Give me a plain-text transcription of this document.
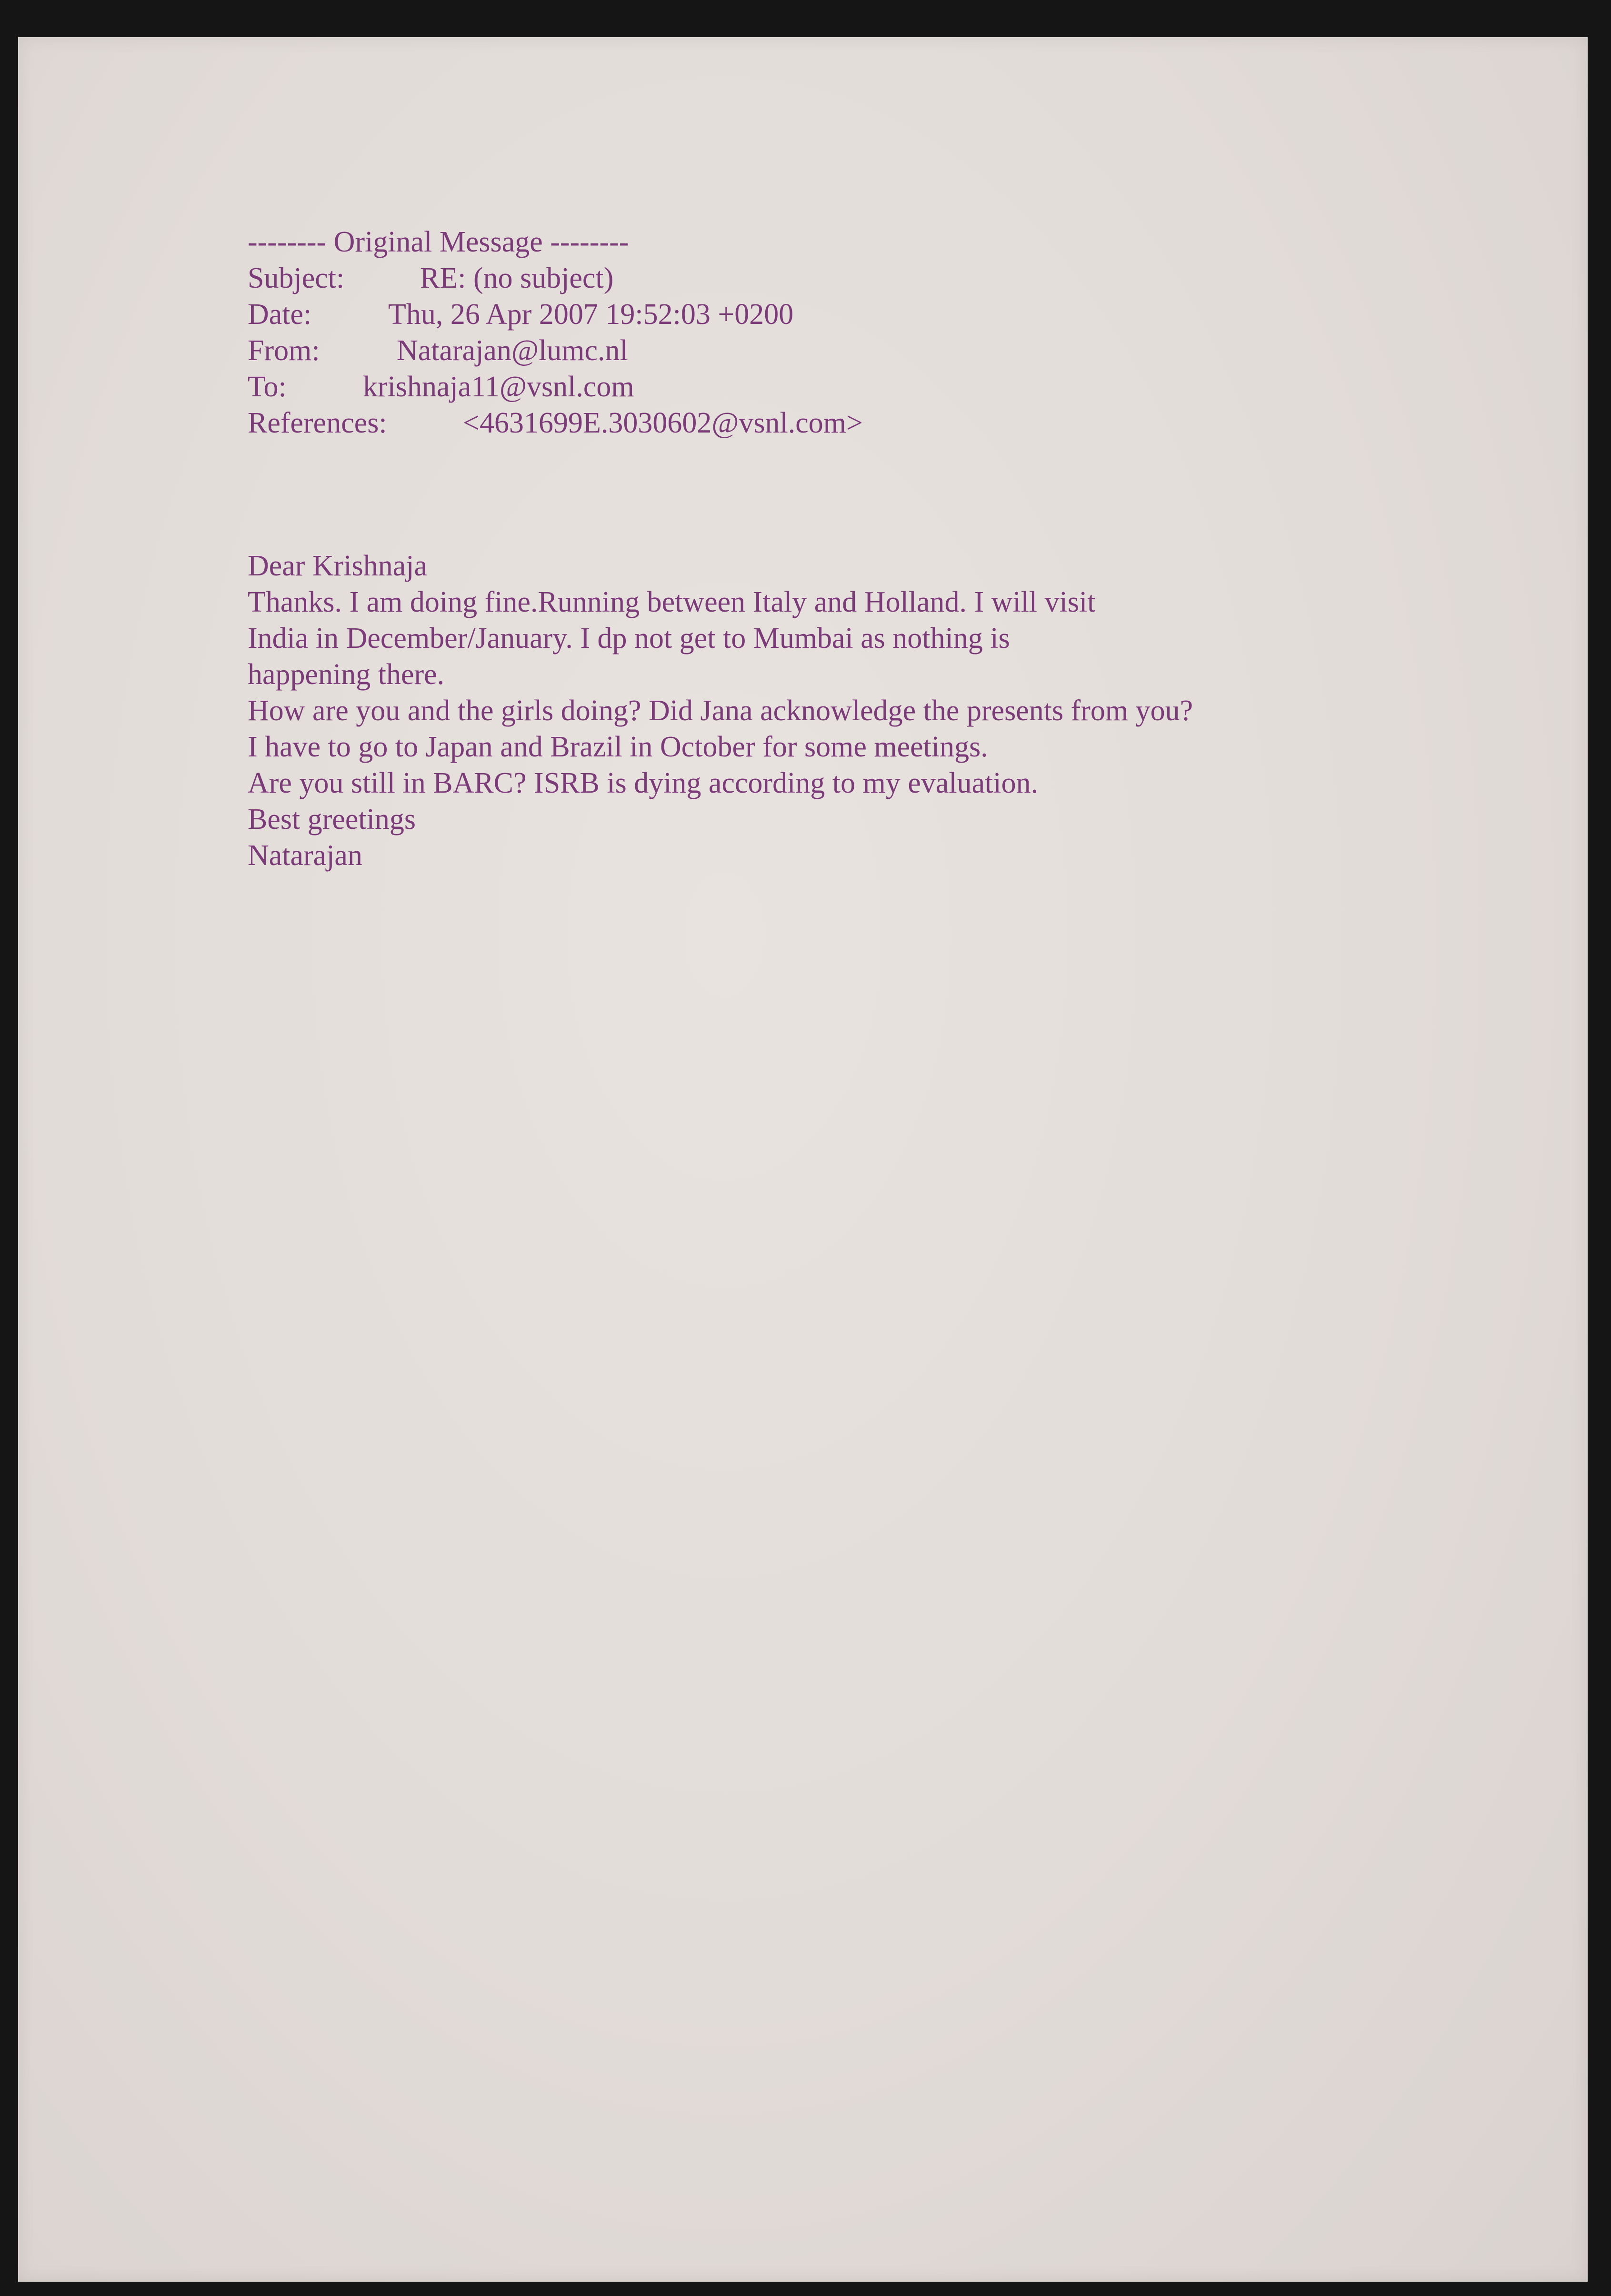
-------- Original Message --------

Subject:

	RE: (no subject)

Date:

	Thu, 26 Apr 2007 19:52:03 +0200

From:

	Natarajan@lumc.nl

To:

	krishnaja11@vsnl.com

References:

	<4631699E.3030602@vsnl.com>

Dear Krishnaja

Thanks. I am doing fine.Running between Italy and Holland. I will visit

India in December/January. I dp not get to Mumbai as nothing is

happening there.

How are you and the girls doing? Did Jana acknowledge the presents from you?

I have to go to Japan and Brazil in October for some meetings.

Are you still in BARC? ISRB is dying according to my evaluation.

Best greetings

Natarajan
